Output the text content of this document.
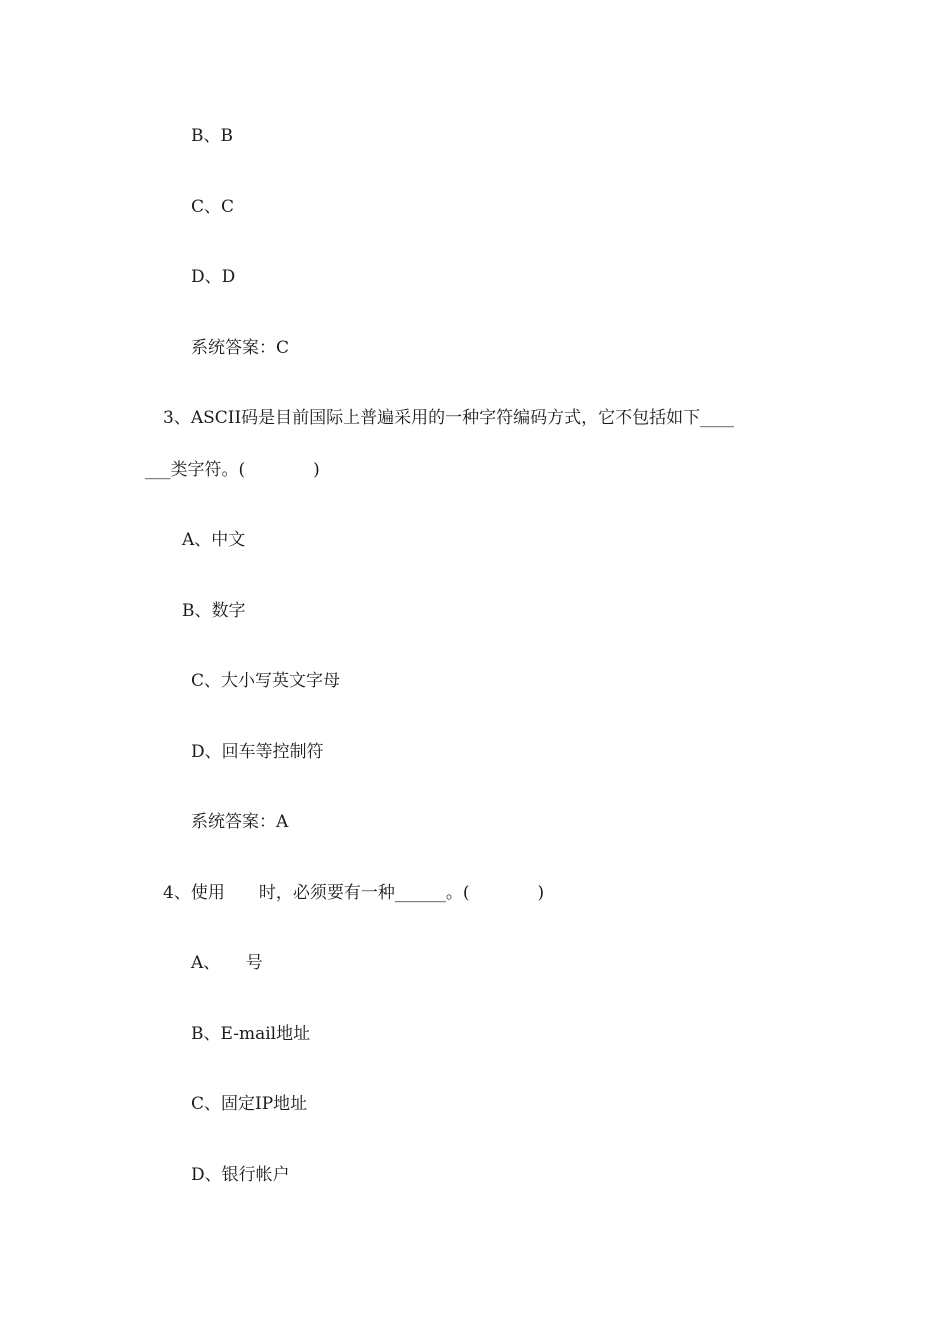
B、B
C、C
D、D
系统答案：C
3、ASCII码是目前国际上普遍采用的一种字符编码方式，它不包括如下____
___类字符。(　　　　)
A、中文
B、数字
C、大小写英文字母
D、回车等控制符
系统答案：A
4、使用　　时，必须要有一种______。(　　　　)
A、　　号
B、E-mail地址
C、固定IP地址
D、银行帐户
